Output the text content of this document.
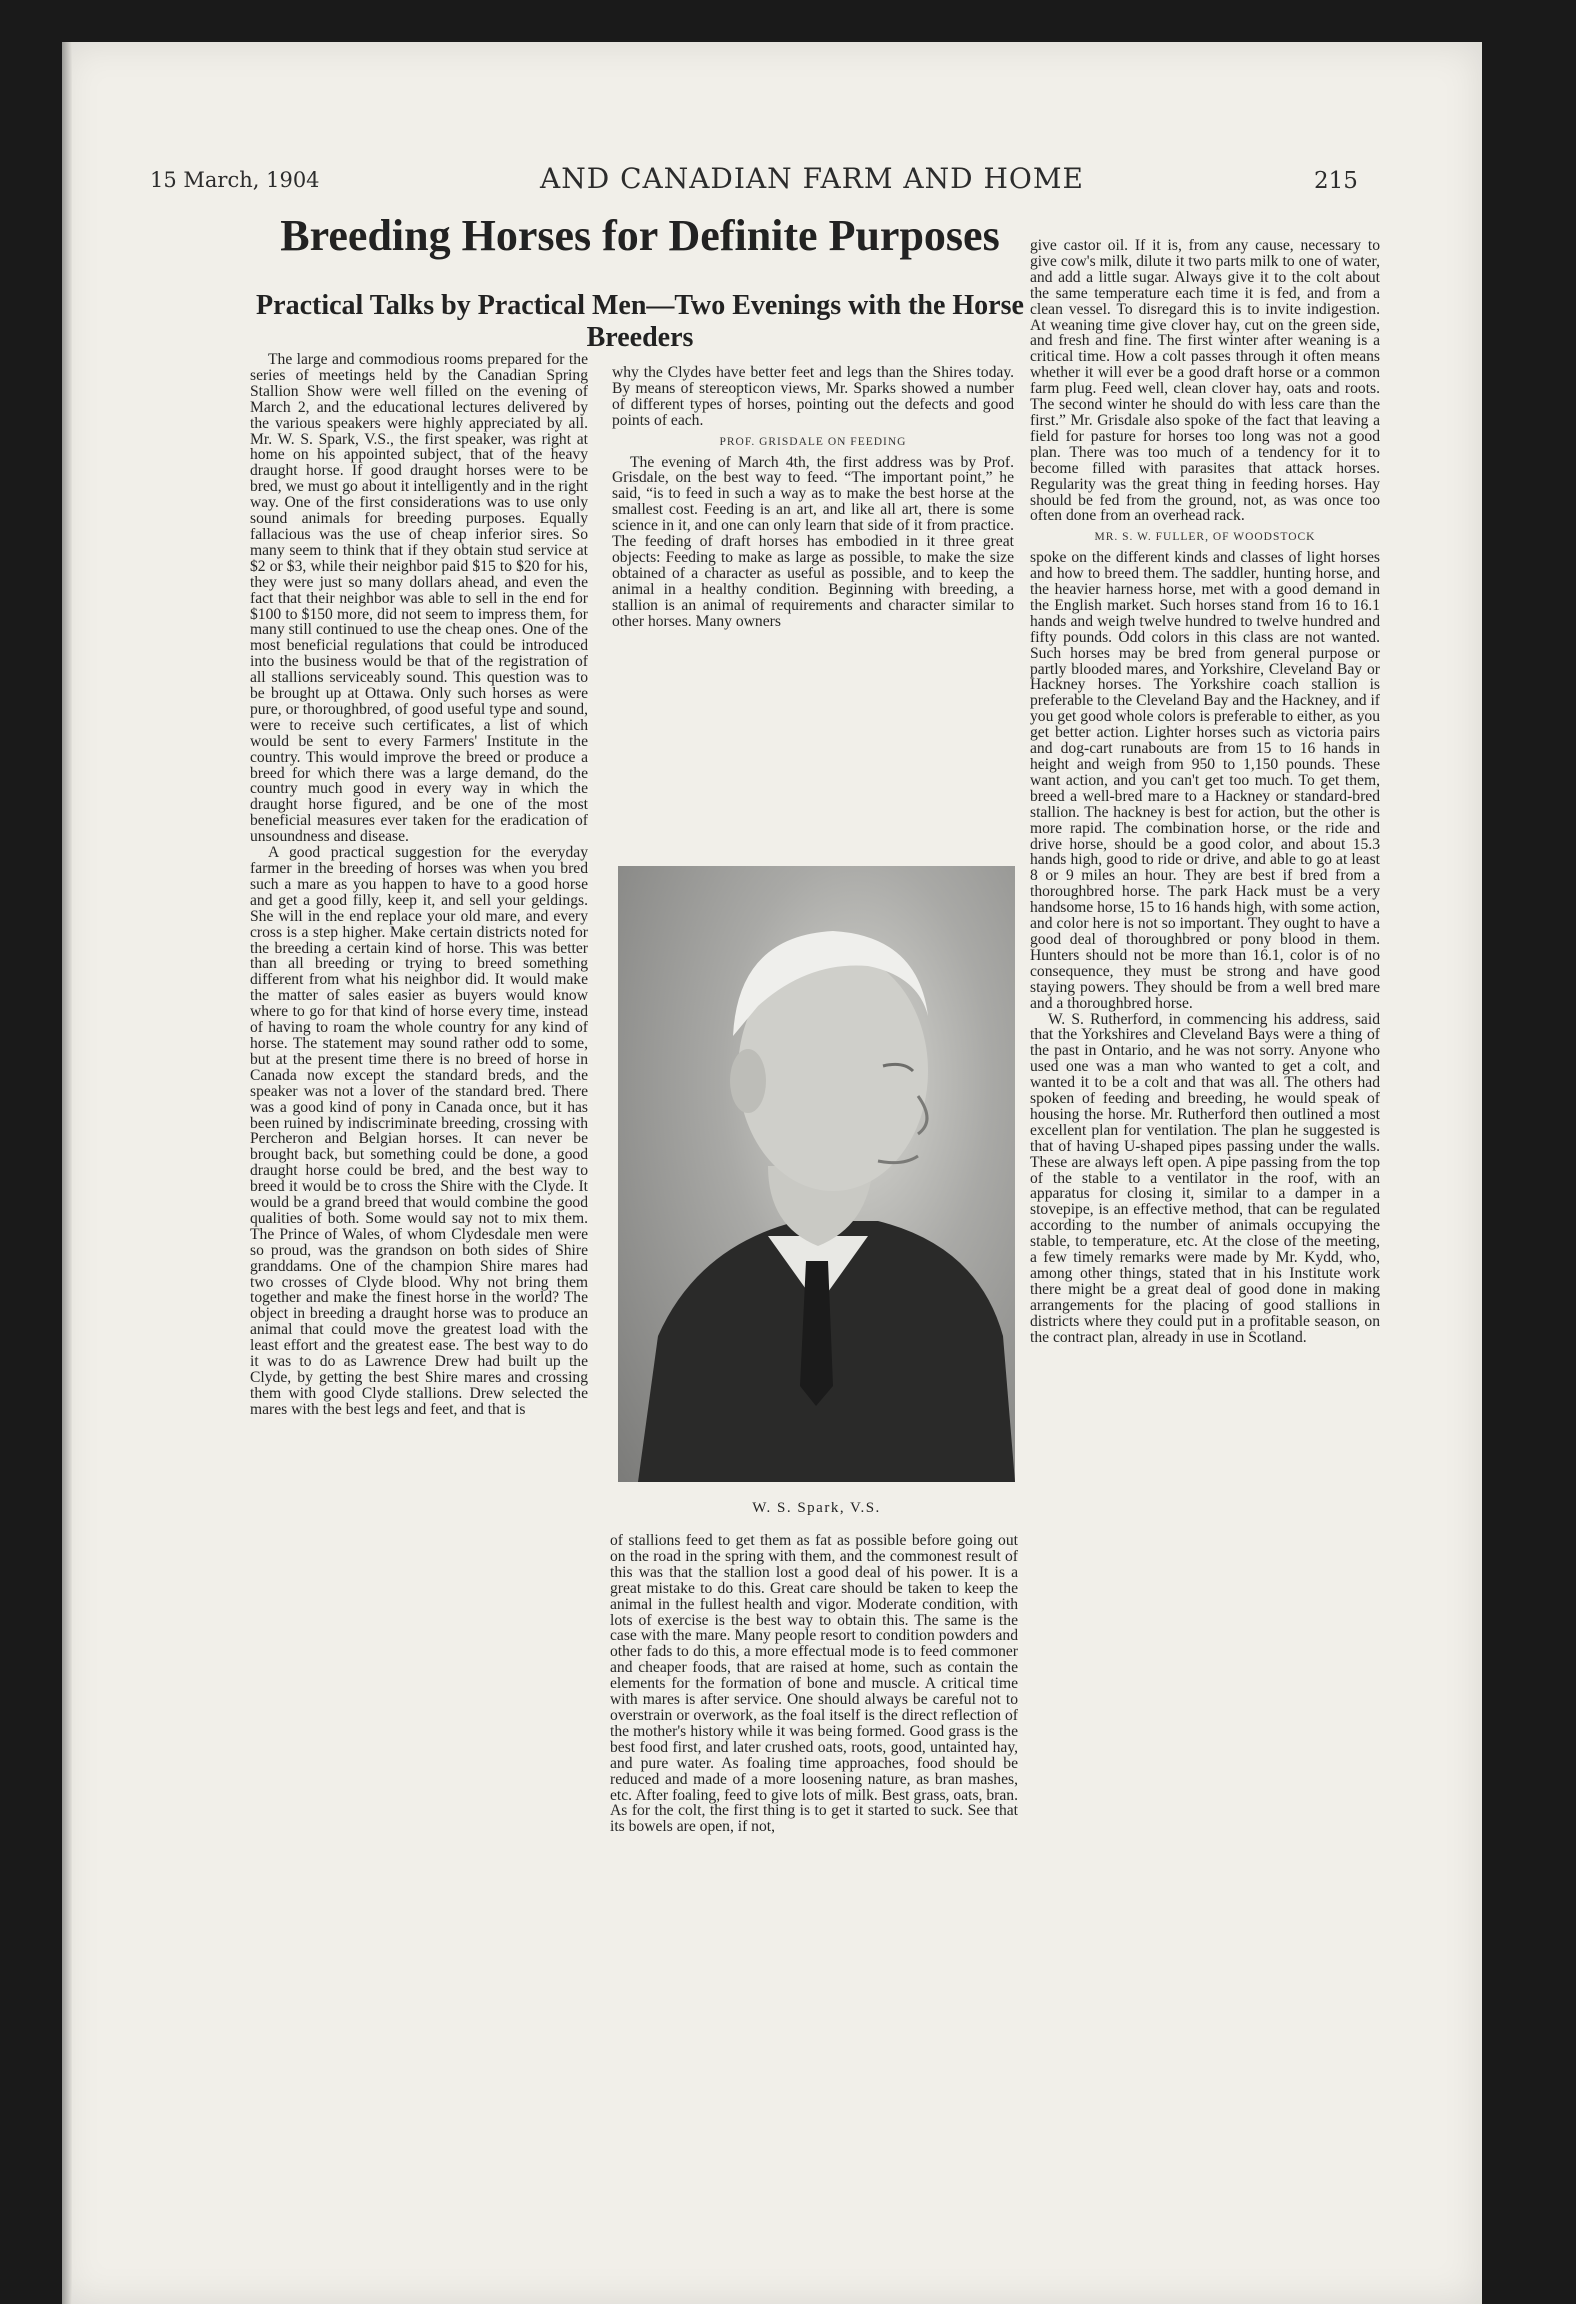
15 March, 1904	AND CANADIAN FARM AND HOME	215
Breeding Horses for Definite Purposes
Practical Talks by Practical Men—Two Evenings with the Horse Breeders

The large and commodious rooms prepared for the series of meetings held by the Canadian Spring Stallion Show were well filled on the evening of March 2, and the educational lectures delivered by the various speakers were highly appreciated by all. Mr. W. S. Spark, V.S., the first speaker, was right at home on his appointed subject, that of the heavy draught horse. If good draught horses were to be bred, we must go about it intelligently and in the right way. One of the first considerations was to use only sound animals for breeding purposes. Equally fallacious was the use of cheap inferior sires. So many seem to think that if they obtain stud service at $2 or $3, while their neighbor paid $15 to $20 for his, they were just so many dollars ahead, and even the fact that their neighbor was able to sell in the end for $100 to $150 more, did not seem to impress them, for many still continued to use the cheap ones. One of the most beneficial regulations that could be introduced into the business would be that of the registration of all stallions serviceably sound. This question was to be brought up at Ottawa. Only such horses as were pure, or thoroughbred, of good useful type and sound, were to receive such certificates, a list of which would be sent to every Farmers' Institute in the country. This would improve the breed or produce a breed for which there was a large demand, do the country much good in every way in which the draught horse figured, and be one of the most beneficial measures ever taken for the eradication of unsoundness and disease.

A good practical suggestion for the everyday farmer in the breeding of horses was when you bred such a mare as you happen to have to a good horse and get a good filly, keep it, and sell your geldings. She will in the end replace your old mare, and every cross is a step higher. Make certain districts noted for the breeding a certain kind of horse. This was better than all breeding or trying to breed something different from what his neighbor did. It would make the matter of sales easier as buyers would know where to go for that kind of horse every time, instead of having to roam the whole country for any kind of horse. The statement may sound rather odd to some, but at the present time there is no breed of horse in Canada now except the standard breds, and the speaker was not a lover of the standard bred. There was a good kind of pony in Canada once, but it has been ruined by indiscriminate breeding, crossing with Percheron and Belgian horses. It can never be brought back, but something could be done, a good draught horse could be bred, and the best way to breed it would be to cross the Shire with the Clyde. It would be a grand breed that would combine the good qualities of both. Some would say not to mix them. The Prince of Wales, of whom Clydesdale men were so proud, was the grandson on both sides of Shire granddams. One of the champion Shire mares had two crosses of Clyde blood. Why not bring them together and make the finest horse in the world? The object in breeding a draught horse was to produce an animal that could move the greatest load with the least effort and the greatest ease. The best way to do it was to do as Lawrence Drew had built up the Clyde, by getting the best Shire mares and crossing them with good Clyde stallions. Drew selected the mares with the best legs and feet, and that is

why the Clydes have better feet and legs than the Shires today. By means of stereopticon views, Mr. Sparks showed a number of different types of horses, pointing out the defects and good points of each.

PROF. GRISDALE ON FEEDING

The evening of March 4th, the first address was by Prof. Grisdale, on the best way to feed. “The important point,” he said, “is to feed in such a way as to make the best horse at the smallest cost. Feeding is an art, and like all art, there is some science in it, and one can only learn that side of it from practice. The feeding of draft horses has embodied in it three great objects: Feeding to make as large as possible, to make the size obtained of a character as useful as possible, and to keep the animal in a healthy condition. Beginning with breeding, a stallion is an animal of requirements and character similar to other horses. Many owners

W. S. Spark, V.S.

of stallions feed to get them as fat as possible before going out on the road in the spring with them, and the commonest result of this was that the stallion lost a good deal of his power. It is a great mistake to do this. Great care should be taken to keep the animal in the fullest health and vigor. Moderate condition, with lots of exercise is the best way to obtain this. The same is the case with the mare. Many people resort to condition powders and other fads to do this, a more effectual mode is to feed commoner and cheaper foods, that are raised at home, such as contain the elements for the formation of bone and muscle. A critical time with mares is after service. One should always be careful not to overstrain or overwork, as the foal itself is the direct reflection of the mother's history while it was being formed. Good grass is the best food first, and later crushed oats, roots, good, untainted hay, and pure water. As foaling time approaches, food should be reduced and made of a more loosening nature, as bran mashes, etc. After foaling, feed to give lots of milk. Best grass, oats, bran. As for the colt, the first thing is to get it started to suck. See that its bowels are open, if not,

give castor oil. If it is, from any cause, necessary to give cow's milk, dilute it two parts milk to one of water, and add a little sugar. Always give it to the colt about the same temperature each time it is fed, and from a clean vessel. To disregard this is to invite indigestion. At weaning time give clover hay, cut on the green side, and fresh and fine. The first winter after weaning is a critical time. How a colt passes through it often means whether it will ever be a good draft horse or a common farm plug. Feed well, clean clover hay, oats and roots. The second winter he should do with less care than the first.” Mr. Grisdale also spoke of the fact that leaving a field for pasture for horses too long was not a good plan. There was too much of a tendency for it to become filled with parasites that attack horses. Regularity was the great thing in feeding horses. Hay should be fed from the ground, not, as was once too often done from an overhead rack.

MR. S. W. FULLER, OF WOODSTOCK

spoke on the different kinds and classes of light horses and how to breed them. The saddler, hunting horse, and the heavier harness horse, met with a good demand in the English market. Such horses stand from 16 to 16.1 hands and weigh twelve hundred to twelve hundred and fifty pounds. Odd colors in this class are not wanted. Such horses may be bred from general purpose or partly blooded mares, and Yorkshire, Cleveland Bay or Hackney horses. The Yorkshire coach stallion is preferable to the Cleveland Bay and the Hackney, and if you get good whole colors is preferable to either, as you get better action. Lighter horses such as victoria pairs and dog-cart runabouts are from 15 to 16 hands in height and weigh from 950 to 1,150 pounds. These want action, and you can't get too much. To get them, breed a well-bred mare to a Hackney or standard-bred stallion. The hackney is best for action, but the other is more rapid. The combination horse, or the ride and drive horse, should be a good color, and about 15.3 hands high, good to ride or drive, and able to go at least 8 or 9 miles an hour. They are best if bred from a thoroughbred horse. The park Hack must be a very handsome horse, 15 to 16 hands high, with some action, and color here is not so important. They ought to have a good deal of thoroughbred or pony blood in them. Hunters should not be more than 16.1, color is of no consequence, they must be strong and have good staying powers. They should be from a well bred mare and a thoroughbred horse.

W. S. Rutherford, in commencing his address, said that the Yorkshires and Cleveland Bays were a thing of the past in Ontario, and he was not sorry. Anyone who used one was a man who wanted to get a colt, and wanted it to be a colt and that was all. The others had spoken of feeding and breeding, he would speak of housing the horse. Mr. Rutherford then outlined a most excellent plan for ventilation. The plan he suggested is that of having U-shaped pipes passing under the walls. These are always left open. A pipe passing from the top of the stable to a ventilator in the roof, with an apparatus for closing it, similar to a damper in a stovepipe, is an effective method, that can be regulated according to the number of animals occupying the stable, to temperature, etc. At the close of the meeting, a few timely remarks were made by Mr. Kydd, who, among other things, stated that in his Institute work there might be a great deal of good done in making arrangements for the placing of good stallions in districts where they could put in a profitable season, on the contract plan, already in use in Scotland.
